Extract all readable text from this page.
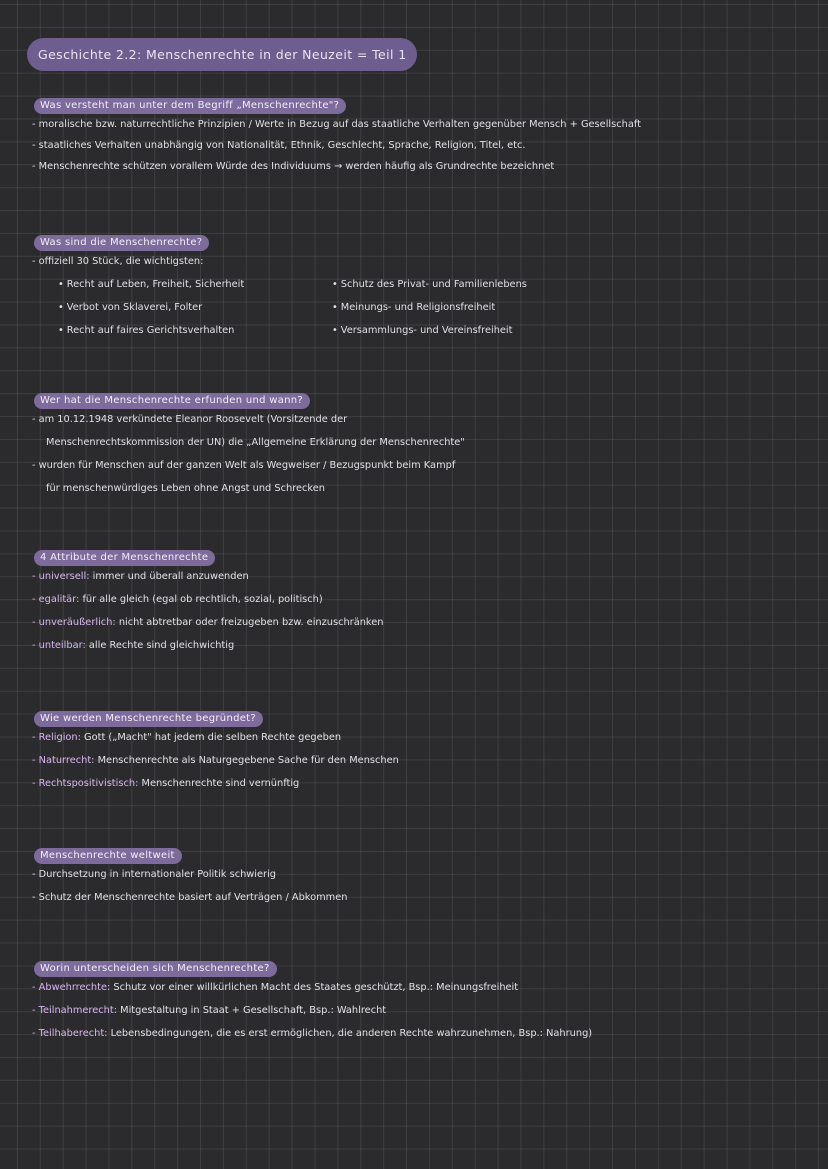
Geschichte 2.2: Menschenrechte in der Neuzeit = Teil 1
Was versteht man unter dem Begriff „Menschenrechte"?
- moralische bzw. naturrechtliche Prinzipien / Werte in Bezug auf das staatliche Verhalten gegenüber Mensch + Gesellschaft
- staatliches Verhalten unabhängig von Nationalität, Ethnik, Geschlecht, Sprache, Religion, Titel, etc.
- Menschenrechte schützen vorallem Würde des Individuums → werden häufig als Grundrechte bezeichnet
Was sind die Menschenrechte?
- offiziell 30 Stück, die wichtigsten:
• Recht auf Leben, Freiheit, Sicherheit
• Verbot von Sklaverei, Folter
• Recht auf faires Gerichtsverhalten
• Schutz des Privat- und Familienlebens
• Meinungs- und Religionsfreiheit
• Versammlungs- und Vereinsfreiheit
Wer hat die Menschenrechte erfunden und wann?
- am 10.12.1948 verkündete Eleanor Roosevelt (Vorsitzende der
Menschenrechtskommission der UN) die „Allgemeine Erklärung der Menschenrechte"
- wurden für Menschen auf der ganzen Welt als Wegweiser / Bezugspunkt beim Kampf
für menschenwürdiges Leben ohne Angst und Schrecken
4 Attribute der Menschenrechte
- universell: immer und überall anzuwenden
- egalitär: für alle gleich (egal ob rechtlich, sozial, politisch)
- unveräußerlich: nicht abtretbar oder freizugeben bzw. einzuschränken
- unteilbar: alle Rechte sind gleichwichtig
Wie werden Menschenrechte begründet?
- Religion: Gott („Macht" hat jedem die selben Rechte gegeben
- Naturrecht: Menschenrechte als Naturgegebene Sache für den Menschen
- Rechtspositivistisch: Menschenrechte sind vernünftig
Menschenrechte weltweit
- Durchsetzung in internationaler Politik schwierig
- Schutz der Menschenrechte basiert auf Verträgen / Abkommen
Worin unterscheiden sich Menschenrechte?
- Abwehrrechte: Schutz vor einer willkürlichen Macht des Staates geschützt, Bsp.: Meinungsfreiheit
- Teilnahmerecht: Mitgestaltung in Staat + Gesellschaft, Bsp.: Wahlrecht
- Teilhaberecht: Lebensbedingungen, die es erst ermöglichen, die anderen Rechte wahrzunehmen, Bsp.: Nahrung)
